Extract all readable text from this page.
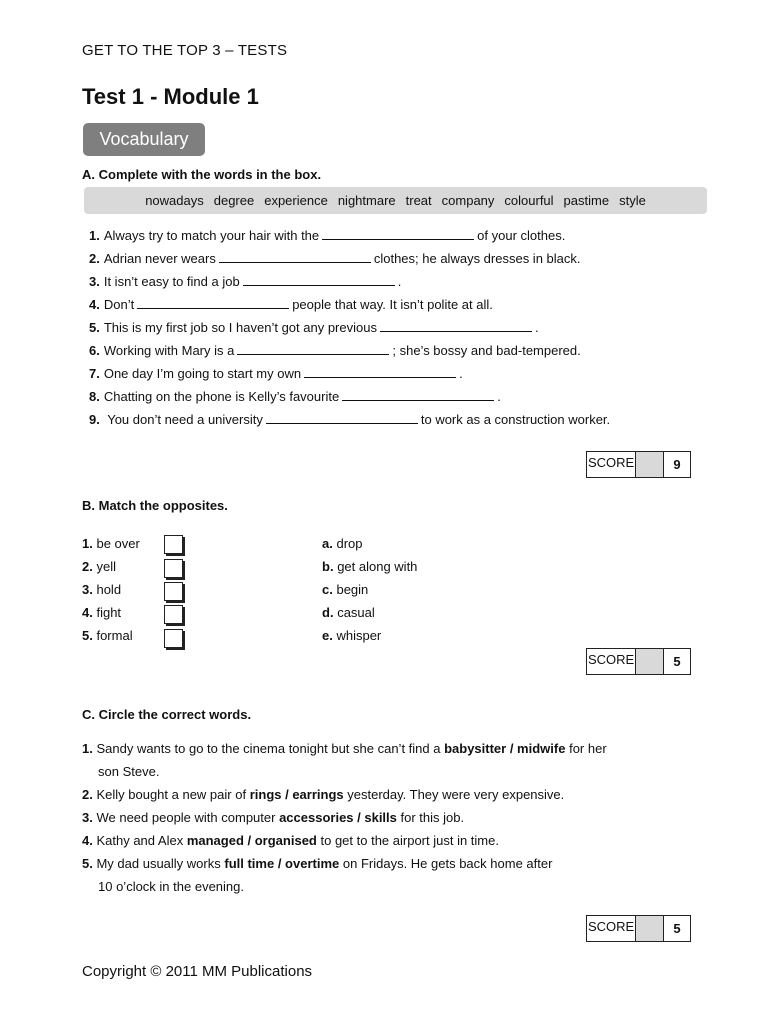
GET TO THE TOP 3 – TESTS
Test 1 - Module 1
Vocabulary
A. Complete with the words in the box.
nowadays degree experience nightmare treat company colourful pastime style
1. Always try to match your hair with the	of your clothes.
2. Adrian never wears	clothes; he always dresses in black.
3. It isn’t easy to find a job	.
4. Don’t	people that way. It isn’t polite at all.
5. This is my first job so I haven’t got any previous	.
6. Working with Mary is a	; she’s bossy and bad-tempered.
7. One day I’m going to start my own	.
8. Chatting on the phone is Kelly’s favourite	.
9. You don’t need a university	to work as a construction worker.
SCORE	9
B. Match the opposites.
1. be over
2. yell
3. hold
4. fight
5. formal
a. drop
b. get along with
c. begin
d. casual
e. whisper
SCORE	5
C. Circle the correct words.
1. Sandy wants to go to the cinema tonight but she can’t find a babysitter / midwife for her
son Steve.
2. Kelly bought a new pair of rings / earrings yesterday. They were very expensive.
3. We need people with computer accessories / skills for this job.
4. Kathy and Alex managed / organised to get to the airport just in time.
5. My dad usually works full time / overtime on Fridays. He gets back home after
10 o’clock in the evening.
SCORE	5
Copyright © 2011 MM Publications
